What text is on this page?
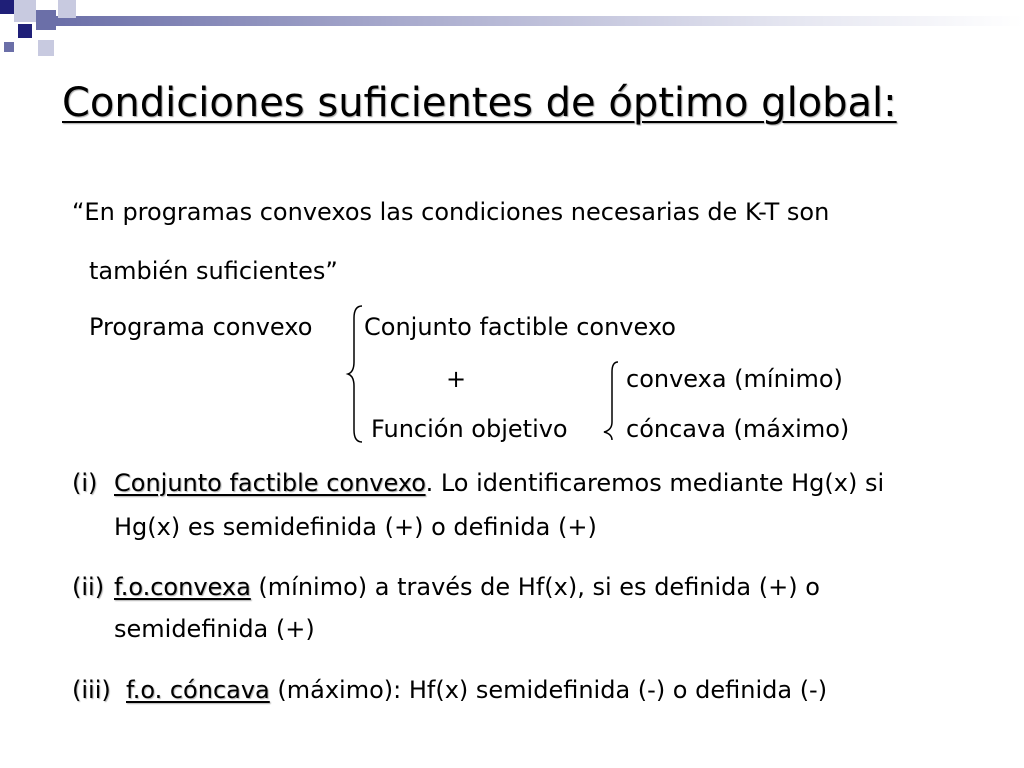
Condiciones suficientes de óptimo global:
“En programas convexos las condiciones necesarias de K-T son
también suficientes”
Programa convexo Conjunto factible convexo
+
Función objetivo
convexa (mínimo)
cóncava (máximo)
(i) Conjunto factible convexo. Lo identificaremos mediante Hg(x) si
Hg(x) es semidefinida (+) o definida (+)
(ii) f.o.convexa (mínimo) a través de Hf(x), si es definida (+) o
semidefinida (+)
(iii) f.o. cóncava (máximo): Hf(x) semidefinida (-) o definida (-)
